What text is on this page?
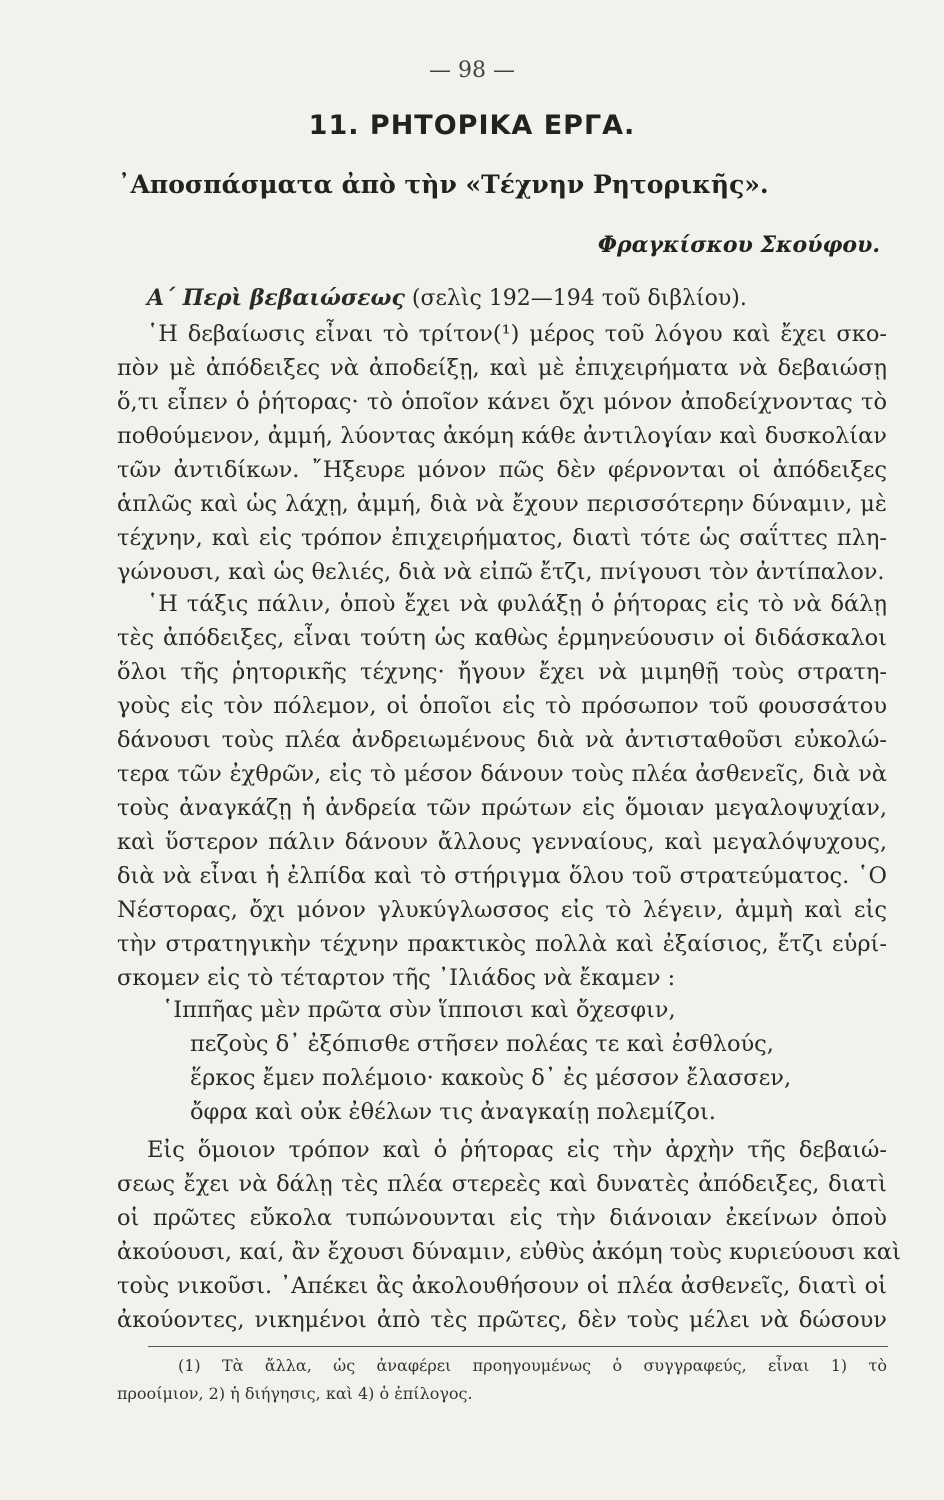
— 98 —
11. ΡΗΤΟΡΙΚΑ ΕΡΓΑ.
᾿Αποσπάσματα ἀπὸ τὴν «Τέχνην Ρητορικῆς».
Φραγκίσκου Σκούφου.
Α΄ Περὶ βεβαιώσεως (σελὶς 192—194 τοῦ διβλίου).
῾Η δεβαίωσις εἶναι τὸ τρίτον(¹) μέρος τοῦ λόγου καὶ ἔχει σκο-
πὸν μὲ ἀπόδειξες νὰ ἀποδείξῃ, καὶ μὲ ἐπιχειρήματα νὰ δεβαιώσῃ
ὅ,τι εἶπεν ὁ ῥήτορας· τὸ ὁποῖον κάνει ὄχι μόνον ἀποδείχνοντας τὸ
ποθούμενον, ἀμμή, λύοντας ἀκόμη κάθε ἀντιλογίαν καὶ δυσκολίαν
τῶν ἀντιδίκων. ῎Ηξευρε μόνον πῶς δὲν φέρνονται οἱ ἀπόδειξες
ἁπλῶς καὶ ὡς λάχῃ, ἀμμή, διὰ νὰ ἔχουν περισσότερην δύναμιν, μὲ
τέχνην, καὶ εἰς τρόπον ἐπιχειρήματος, διατὶ τότε ὡς σαΐττες πλη-
γώνουσι, καὶ ὡς θελιές, διὰ νὰ εἰπῶ ἔτζι, πνίγουσι τὸν ἀντίπαλον.
῾Η τάξις πάλιν, ὁποὺ ἔχει νὰ φυλάξῃ ὁ ῥήτορας εἰς τὸ νὰ δάλῃ
τὲς ἀπόδειξες, εἶναι τούτη ὡς καθὼς ἑρμηνεύουσιν οἱ διδάσκαλοι
ὅλοι τῆς ῥητορικῆς τέχνης· ἤγουν ἔχει νὰ μιμηθῇ τοὺς στρατη-
γοὺς εἰς τὸν πόλεμον, οἱ ὁποῖοι εἰς τὸ πρόσωπον τοῦ φουσσάτου
δάνουσι τοὺς πλέα ἀνδρειωμένους διὰ νὰ ἀντισταθοῦσι εὐκολώ-
τερα τῶν ἐχθρῶν, εἰς τὸ μέσον δάνουν τοὺς πλέα ἀσθενεῖς, διὰ νὰ
τοὺς ἀναγκάζῃ ἡ ἀνδρεία τῶν πρώτων εἰς ὅμοιαν μεγαλοψυχίαν,
καὶ ὕστερον πάλιν δάνουν ἄλλους γενναίους, καὶ μεγαλόψυχους,
διὰ νὰ εἶναι ἡ ἐλπίδα καὶ τὸ στήριγμα ὅλου τοῦ στρατεύματος. ῾Ο
Νέστορας, ὄχι μόνον γλυκύγλωσσος εἰς τὸ λέγειν, ἀμμὴ καὶ εἰς
τὴν στρατηγικὴν τέχνην πρακτικὸς πολλὰ καὶ ἐξαίσιος, ἔτζι εὑρί-
σκομεν εἰς τὸ τέταρτον τῆς ᾿Ιλιάδος νὰ ἔκαμεν :
῾Ιππῆας μὲν πρῶτα σὺν ἵπποισι καὶ ὄχεσφιν,
πεζοὺς δ᾿ ἐξόπισθε στῆσεν πολέας τε καὶ ἐσθλούς,
ἕρκος ἔμεν πολέμοιο· κακοὺς δ᾿ ἐς μέσσον ἔλασσεν,
ὄφρα καὶ οὐκ ἐθέλων τις ἀναγκαίῃ πολεμίζοι.
Εἰς ὅμοιον τρόπον καὶ ὁ ῥήτορας εἰς τὴν ἀρχὴν τῆς δεβαιώ-
σεως ἔχει νὰ δάλῃ τὲς πλέα στερεὲς καὶ δυνατὲς ἀπόδειξες, διατὶ
οἱ πρῶτες εὔκολα τυπώνουνται εἰς τὴν διάνοιαν ἐκείνων ὁποὺ
ἀκούουσι, καί, ἂν ἔχουσι δύναμιν, εὐθὺς ἀκόμη τοὺς κυριεύουσι καὶ
τοὺς νικοῦσι. ᾿Απέκει ἂς ἀκολουθήσουν οἱ πλέα ἀσθενεῖς, διατὶ οἱ
ἀκούοντες, νικημένοι ἀπὸ τὲς πρῶτες, δὲν τοὺς μέλει νὰ δώσουν
(1) Τὰ ἄλλα, ὡς ἀναφέρει προηγουμένως ὁ συγγραφεύς, εἶναι 1) τὸ
προοίμιον, 2) ἡ διήγησις, καὶ 4) ὁ ἐπίλογος.
